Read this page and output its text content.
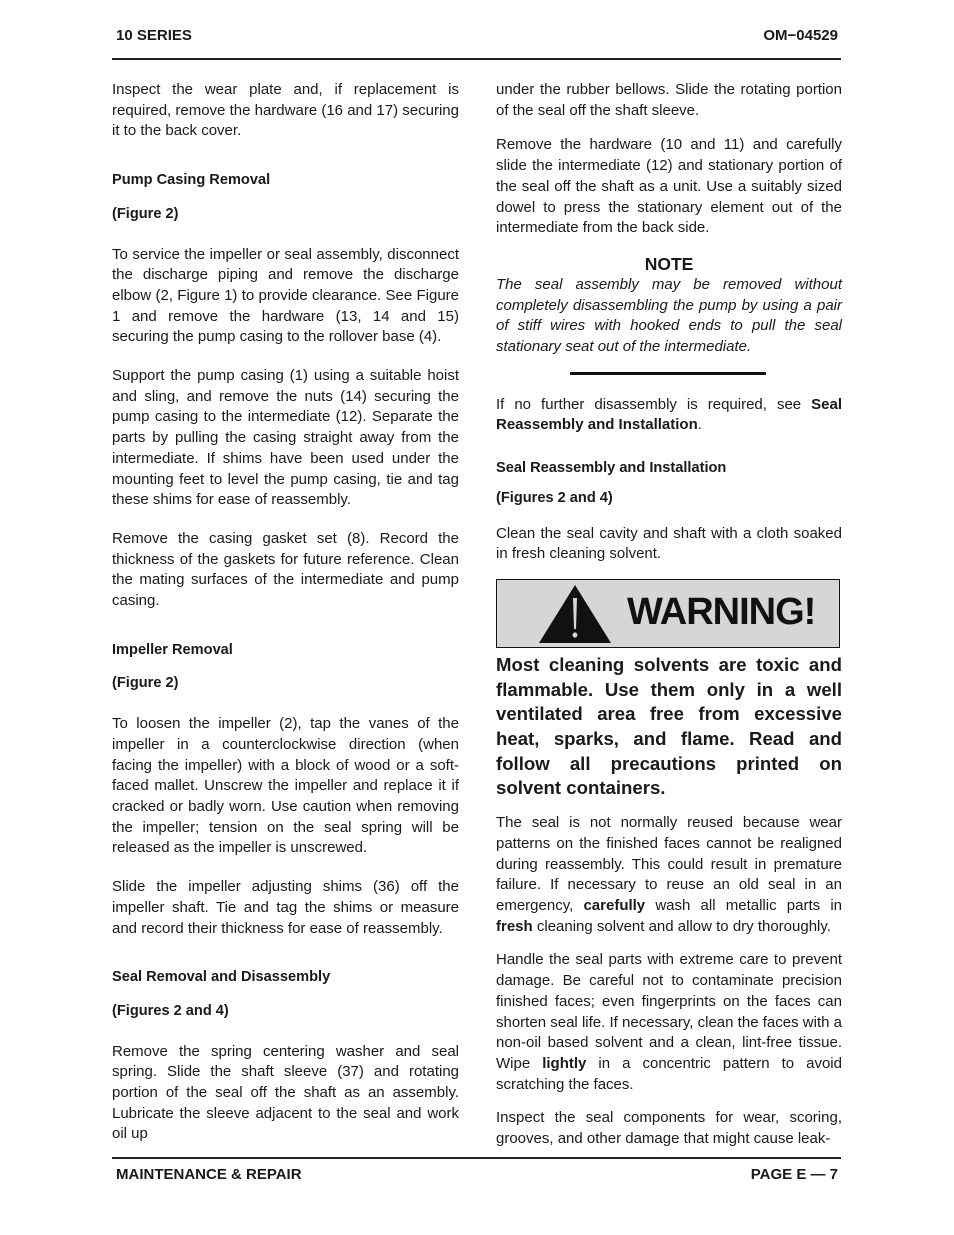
10 SERIES	OM−04529

Inspect the wear plate and, if replacement is required, remove the hardware (16 and 17) securing it to the back cover.

Pump Casing Removal

(Figure 2)

To service the impeller or seal assembly, disconnect the discharge piping and remove the discharge elbow (2, Figure 1) to provide clearance. See Figure 1 and remove the hardware (13, 14 and 15) securing the pump casing to the rollover base (4).

Support the pump casing (1) using a suitable hoist and sling, and remove the nuts (14) securing the pump casing to the intermediate (12). Separate the parts by pulling the casing straight away from the intermediate. If shims have been used under the mounting feet to level the pump casing, tie and tag these shims for ease of reassembly.

Remove the casing gasket set (8). Record the thickness of the gaskets for future reference. Clean the mating surfaces of the intermediate and pump casing.

Impeller Removal

(Figure 2)

To loosen the impeller (2), tap the vanes of the impeller in a counterclockwise direction (when facing the impeller) with a block of wood or a soft-faced mallet. Unscrew the impeller and replace it if cracked or badly worn. Use caution when removing the impeller; tension on the seal spring will be released as the impeller is unscrewed.

Slide the impeller adjusting shims (36) off the impeller shaft. Tie and tag the shims or measure and record their thickness for ease of reassembly.

Seal Removal and Disassembly

(Figures 2 and 4)

Remove the spring centering washer and seal spring. Slide the shaft sleeve (37) and rotating portion of the seal off the shaft as an assembly. Lubricate the sleeve adjacent to the seal and work oil up

under the rubber bellows. Slide the rotating portion of the seal off the shaft sleeve.

Remove the hardware (10 and 11) and carefully slide the intermediate (12) and stationary portion of the seal off the shaft as a unit. Use a suitably sized dowel to press the stationary element out of the intermediate from the back side.

NOTE

The seal assembly may be removed without completely disassembling the pump by using a pair of stiff wires with hooked ends to pull the seal stationary seat out of the intermediate.

If no further disassembly is required, see Seal Reassembly and Installation.

Seal Reassembly and Installation

(Figures 2 and 4)

Clean the seal cavity and shaft with a cloth soaked in fresh cleaning solvent.

WARNING!

Most cleaning solvents are toxic and flammable. Use them only in a well ventilated area free from excessive heat, sparks, and flame. Read and follow all precautions printed on solvent containers.

The seal is not normally reused because wear patterns on the finished faces cannot be realigned during reassembly. This could result in premature failure. If necessary to reuse an old seal in an emergency, carefully wash all metallic parts in fresh cleaning solvent and allow to dry thoroughly.

Handle the seal parts with extreme care to prevent damage. Be careful not to contaminate precision finished faces; even fingerprints on the faces can shorten seal life. If necessary, clean the faces with a non-oil based solvent and a clean, lint-free tissue. Wipe lightly in a concentric pattern to avoid scratching the faces.

Inspect the seal components for wear, scoring, grooves, and other damage that might cause leak-

MAINTENANCE & REPAIR	PAGE E — 7
